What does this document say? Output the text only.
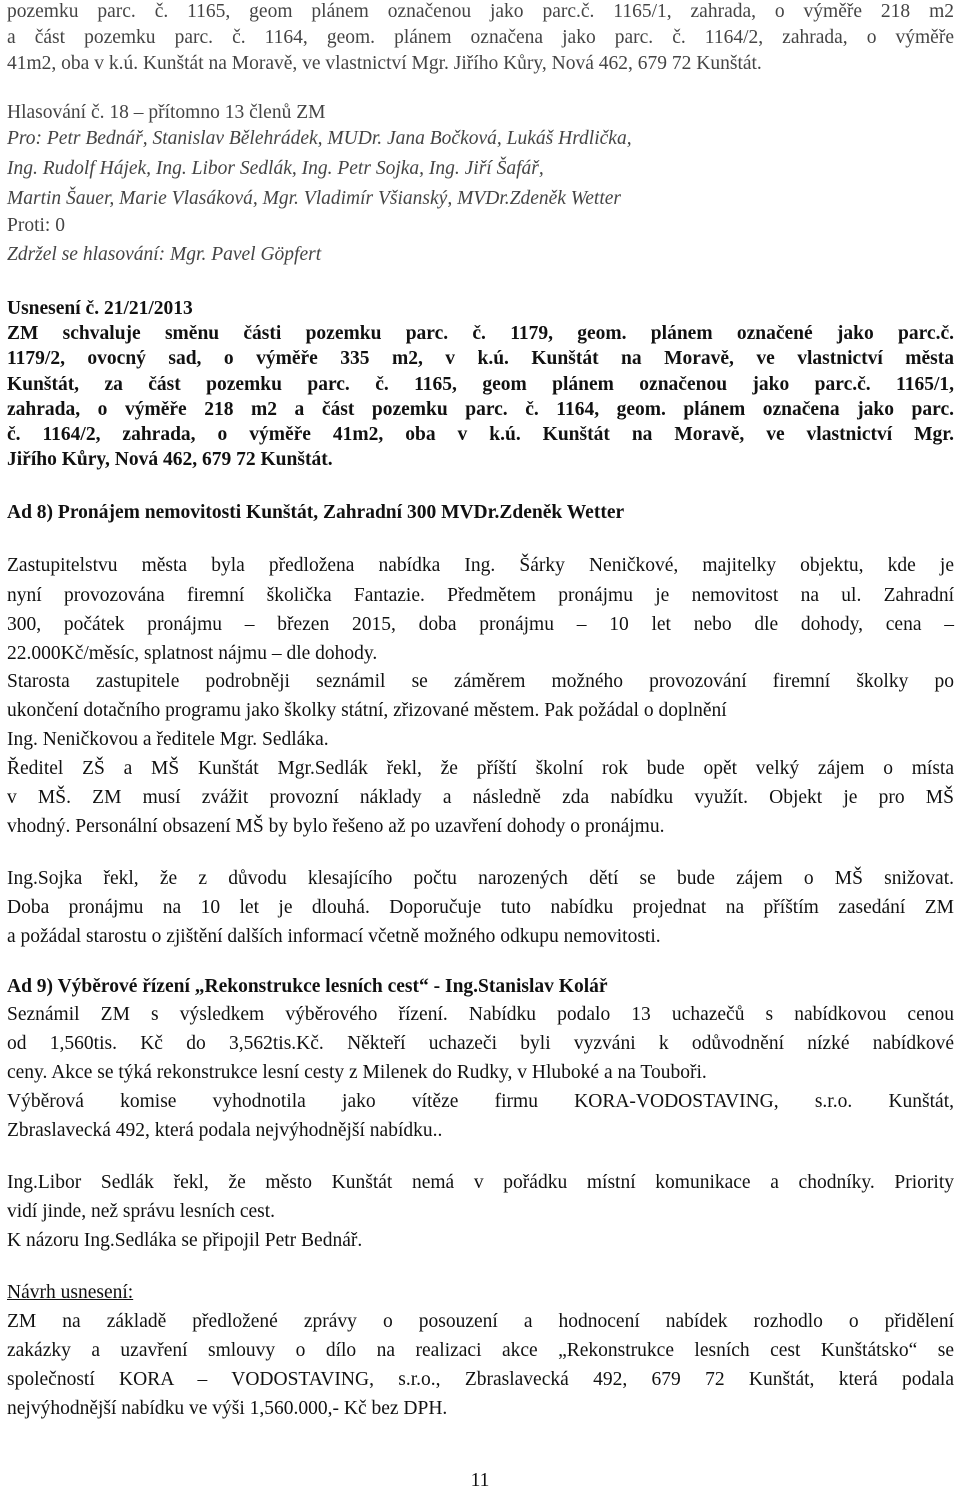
pozemku parc. č. 1165, geom plánem označenou jako parc.č. 1165/1, zahrada, o výměře 218 m2
a část pozemku parc. č. 1164, geom. plánem označena jako parc. č. 1164/2, zahrada, o výměře
41m2, oba v k.ú. Kunštát na Moravě, ve vlastnictví Mgr. Jiřího Kůry, Nová 462, 679 72 Kunštát.
Hlasování č. 18 – přítomno 13 členů ZM
Pro: Petr Bednář, Stanislav Bělehrádek, MUDr. Jana Bočková, Lukáš Hrdlička,
Ing. Rudolf Hájek, Ing. Libor Sedlák, Ing. Petr Sojka, Ing. Jiří Šafář,
Martin Šauer, Marie Vlasáková, Mgr. Vladimír Všianský, MVDr.Zdeněk Wetter
Proti: 0
Zdržel se hlasování: Mgr. Pavel Göpfert
Usnesení č. 21/21/2013
ZM schvaluje směnu části pozemku parc. č. 1179, geom. plánem označené jako parc.č.
1179/2, ovocný sad, o výměře 335 m2, v k.ú. Kunštát na Moravě, ve vlastnictví města
Kunštát, za část pozemku parc. č. 1165, geom plánem označenou jako parc.č. 1165/1,
zahrada, o výměře 218 m2 a část pozemku parc. č. 1164, geom. plánem označena jako parc.
č. 1164/2, zahrada, o výměře 41m2, oba v k.ú. Kunštát na Moravě, ve vlastnictví Mgr.
Jiřího Kůry, Nová 462, 679 72 Kunštát.
Ad 8) Pronájem nemovitosti Kunštát, Zahradní 300 MVDr.Zdeněk Wetter
Zastupitelstvu města byla předložena nabídka Ing. Šárky Neničkové, majitelky objektu, kde je
nyní provozována firemní školička Fantazie. Předmětem pronájmu je nemovitost na ul. Zahradní
300, počátek pronájmu – březen 2015, doba pronájmu – 10 let nebo dle dohody, cena –
22.000Kč/měsíc, splatnost nájmu – dle dohody.
Starosta zastupitele podrobněji seznámil se záměrem možného provozování firemní školky po
ukončení dotačního programu jako školky státní, zřizované městem. Pak požádal o doplnění
Ing. Neničkovou a ředitele Mgr. Sedláka.
Ředitel ZŠ a MŠ Kunštát Mgr.Sedlák řekl, že příští školní rok bude opět velký zájem o místa
v MŠ. ZM musí zvážit provozní náklady a následně zda nabídku využít. Objekt je pro MŠ
vhodný. Personální obsazení MŠ by bylo řešeno až po uzavření dohody o pronájmu.
Ing.Sojka řekl, že z důvodu klesajícího počtu narozených dětí se bude zájem o MŠ snižovat.
Doba pronájmu na 10 let je dlouhá. Doporučuje tuto nabídku projednat na příštím zasedání ZM
a požádal starostu o zjištění dalších informací včetně možného odkupu nemovitosti.
Ad 9) Výběrové řízení „Rekonstrukce lesních cest“ - Ing.Stanislav Kolář
Seznámil ZM s výsledkem výběrového řízení. Nabídku podalo 13 uchazečů s nabídkovou cenou
od 1,560tis. Kč do 3,562tis.Kč. Někteří uchazeči byli vyzváni k odůvodnění nízké nabídkové
ceny. Akce se týká rekonstrukce lesní cesty z Milenek do Rudky, v Hluboké a na Touboři.
Výběrová komise vyhodnotila jako vítěze firmu KORA-VODOSTAVING, s.r.o. Kunštát,
Zbraslavecká 492, která podala nejvýhodnější nabídku..
Ing.Libor Sedlák řekl, že město Kunštát nemá v pořádku místní komunikace a chodníky. Priority
vidí jinde, než správu lesních cest.
K názoru Ing.Sedláka se připojil Petr Bednář.
Návrh usnesení:
ZM na základě předložené zprávy o posouzení a hodnocení nabídek rozhodlo o přidělení
zakázky a uzavření smlouvy o dílo na realizaci akce „Rekonstrukce lesních cest Kunštátsko“ se
společností KORA – VODOSTAVING, s.r.o., Zbraslavecká 492, 679 72 Kunštát, která podala
nejvýhodnější nabídku ve výši 1,560.000,- Kč bez DPH.
11
